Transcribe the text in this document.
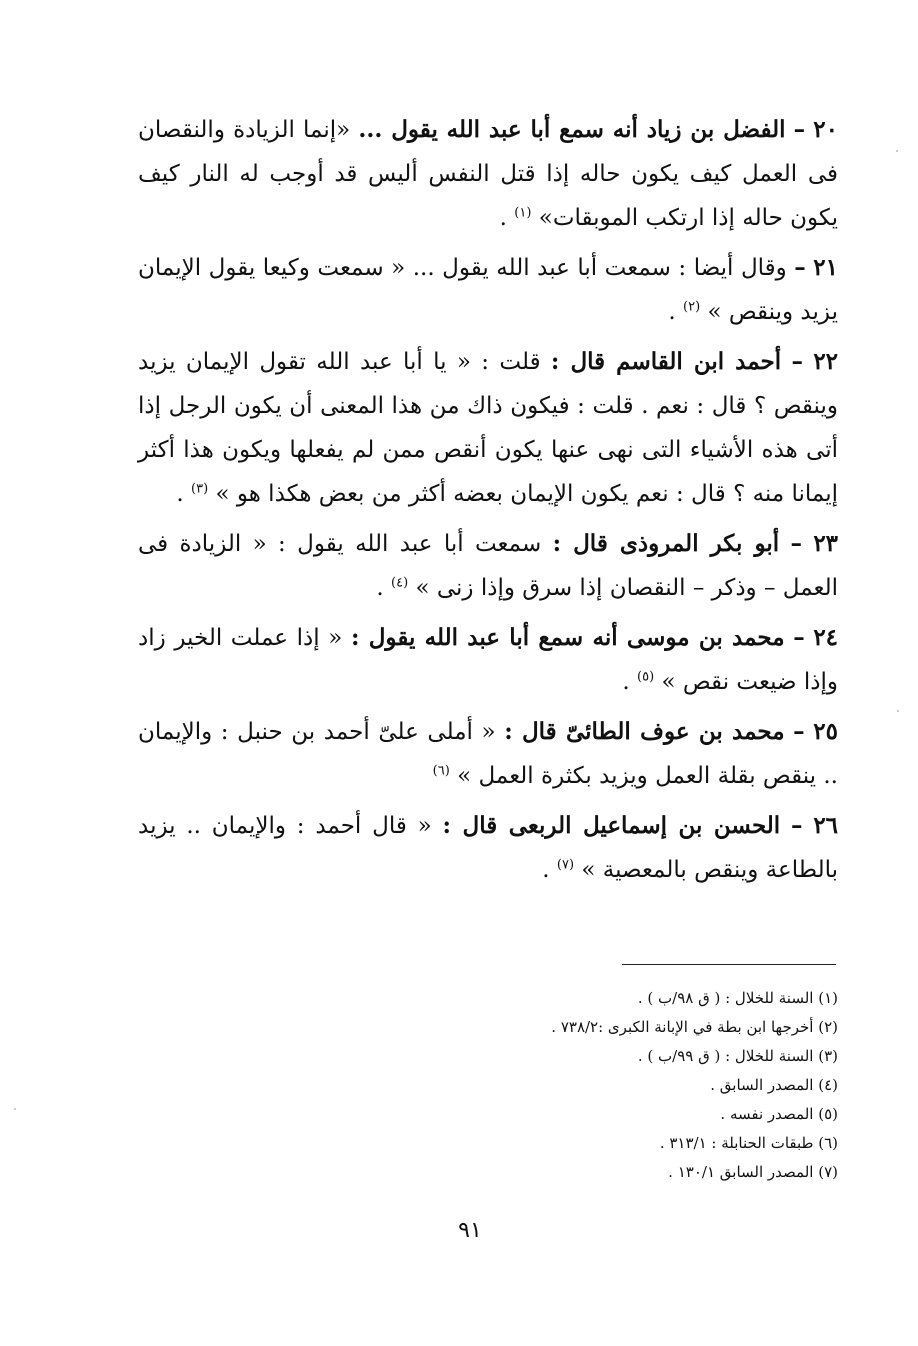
٢٠ – الفضل بن زياد أنه سمع أبا عبد الله يقول ... «إنما الزيادة والنقصان فى العمل كيف يكون حاله إذا قتل النفس أليس قد أوجب له النار كيف يكون حاله إذا ارتكب الموبقات» $^{(١)}$ .

٢١ – وقال أيضا : سمعت أبا عبد الله يقول ... « سمعت وكيعا يقول الإيمان يزيد وينقص » $^{(٢)}$ .

٢٢ – أحمد ابن القاسم قال : قلت : « يا أبا عبد الله تقول الإيمان يزيد وينقص ؟ قال : نعم . قلت : فيكون ذاك من هذا المعنى أن يكون الرجل إذا أتى هذه الأشياء التى نهى عنها يكون أنقص ممن لم يفعلها ويكون هذا أكثر إيمانا منه ؟ قال : نعم يكون الإيمان بعضه أكثر من بعض هكذا هو » $^{(٣)}$ .

٢٣ – أبو بكر المروذى قال : سمعت أبا عبد الله يقول : « الزيادة فى العمل – وذكر – النقصان إذا سرق وإذا زنى » $^{(٤)}$ .

٢٤ – محمد بن موسى أنه سمع أبا عبد الله يقول : « إذا عملت الخير زاد وإذا ضيعت نقص » $^{(٥)}$ .

٢٥ – محمد بن عوف الطائىّ قال : « أملى علىّ أحمد بن حنبل : والإيمان .. ينقص بقلة العمل ويزيد بكثرة العمل » $^{(٦)}$

٢٦ – الحسن بن إسماعيل الربعى قال : « قال أحمد : والإيمان .. يزيد بالطاعة وينقص بالمعصية » $^{(٧)}$ .

(١) السنة للخلال : ( ق ٩٨/ب ) .

(٢) أخرجها ابن بطة في الإبانة الكبرى :٧٣٨/٢ .

(٣) السنة للخلال : ( ق ٩٩/ب ) .

(٤) المصدر السابق .

(٥) المصدر نفسه .

(٦) طبقات الحنابلة : ٣١٣/١ .

(٧) المصدر السابق ١٣٠/١ .

٩١
